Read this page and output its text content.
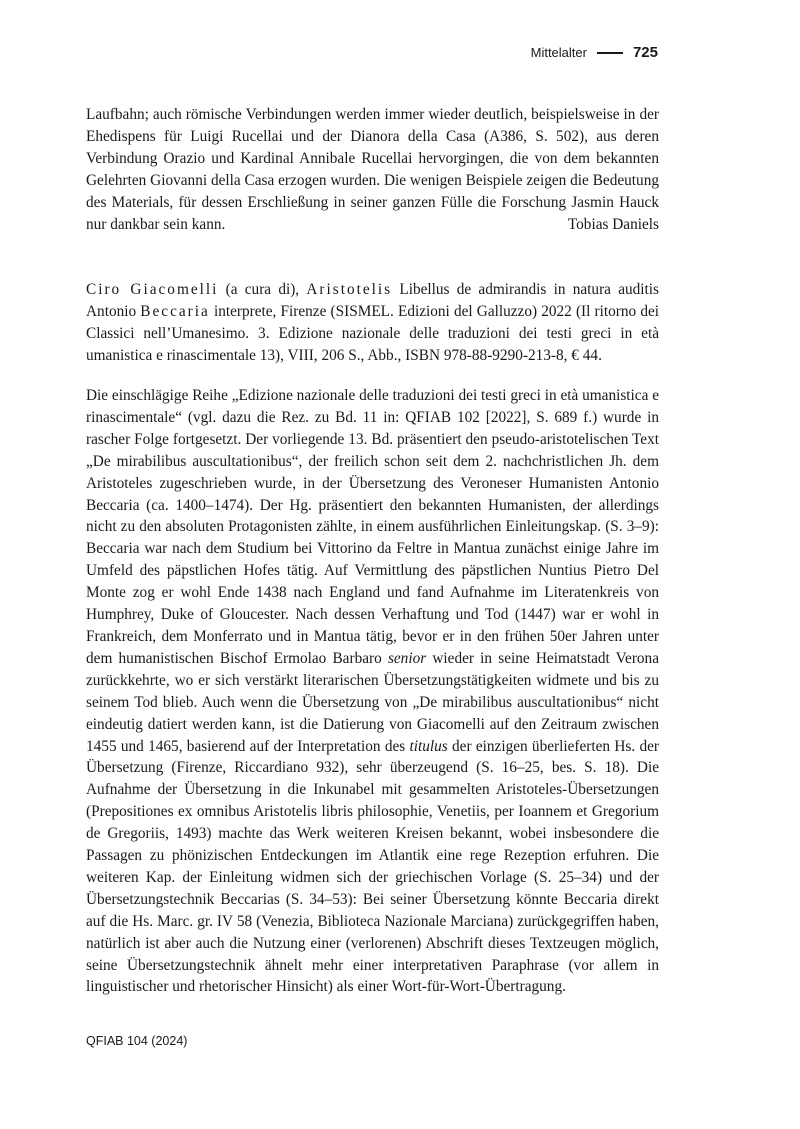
Mittelalter	725

Laufbahn; auch römische Verbindungen werden immer wieder deutlich, beispielsweise in der Ehedispens für Luigi Rucellai und der Dianora della Casa (A386, S. 502), aus deren Verbindung Orazio und Kardinal Annibale Rucellai hervorgingen, die von dem bekannten Gelehrten Giovanni della Casa erzogen wurden. Die wenigen Beispiele zeigen die Bedeutung des Materials, für dessen Erschließung in seiner ganzen Fülle die Forschung Jasmin Hauck nur dankbar sein kann.	Tobias Daniels

Ciro Giacomelli (a cura di), Aristotelis Libellus de admirandis in natura auditis Antonio Beccaria interprete, Firenze (SISMEL. Edizioni del Galluzzo) 2022 (Il ritorno dei Classici nell’Umanesimo. 3. Edizione nazionale delle traduzioni dei testi greci in età umanistica e rinascimentale 13), VIII, 206 S., Abb., ISBN 978-88-9290-213-8, € 44.

Die einschlägige Reihe „Edizione nazionale delle traduzioni dei testi greci in età umanistica e rinascimentale“ (vgl. dazu die Rez. zu Bd. 11 in: QFIAB 102 [2022], S. 689 f.) wurde in rascher Folge fortgesetzt. Der vorliegende 13. Bd. präsentiert den pseudo-aristotelischen Text „De mirabilibus auscultationibus“, der freilich schon seit dem 2. nachchristlichen Jh. dem Aristoteles zugeschrieben wurde, in der Übersetzung des Veroneser Humanisten Antonio Beccaria (ca. 1400–1474). Der Hg. präsentiert den bekannten Humanisten, der allerdings nicht zu den absoluten Protagonisten zählte, in einem ausführlichen Einleitungskap. (S. 3–9): Beccaria war nach dem Studium bei Vittorino da Feltre in Mantua zunächst einige Jahre im Umfeld des päpstlichen Hofes tätig. Auf Vermittlung des päpstlichen Nuntius Pietro Del Monte zog er wohl Ende 1438 nach England und fand Aufnahme im Literatenkreis von Humphrey, Duke of Gloucester. Nach dessen Verhaftung und Tod (1447) war er wohl in Frankreich, dem Monferrato und in Mantua tätig, bevor er in den frühen 50er Jahren unter dem humanistischen Bischof Ermolao Barbaro senior wieder in seine Heimatstadt Verona zurückkehrte, wo er sich verstärkt literarischen Übersetzungstätigkeiten widmete und bis zu seinem Tod blieb. Auch wenn die Übersetzung von „De mirabilibus auscultationibus“ nicht eindeutig datiert werden kann, ist die Datierung von Giacomelli auf den Zeitraum zwischen 1455 und 1465, basierend auf der Interpretation des titulus der einzigen überlieferten Hs. der Übersetzung (Firenze, Riccardiano 932), sehr überzeugend (S. 16–25, bes. S. 18). Die Aufnahme der Übersetzung in die Inkunabel mit gesammelten Aristoteles-Übersetzungen (Prepositiones ex omnibus Aristotelis libris philosophie, Venetiis, per Ioannem et Gregorium de Gregoriis, 1493) machte das Werk weiteren Kreisen bekannt, wobei insbesondere die Passagen zu phönizischen Entdeckungen im Atlantik eine rege Rezeption erfuhren. Die weiteren Kap. der Einleitung widmen sich der griechischen Vorlage (S. 25–34) und der Übersetzungstechnik Beccarias (S. 34–53): Bei seiner Übersetzung könnte Beccaria direkt auf die Hs. Marc. gr. IV 58 (Venezia, Biblioteca Nazionale Marciana) zurückgegriffen haben, natürlich ist aber auch die Nutzung einer (verlorenen) Abschrift dieses Textzeugen möglich, seine Übersetzungstechnik ähnelt mehr einer interpretativen Paraphrase (vor allem in linguistischer und rhetorischer Hinsicht) als einer Wort-für-Wort-Übertragung.

QFIAB 104 (2024)
